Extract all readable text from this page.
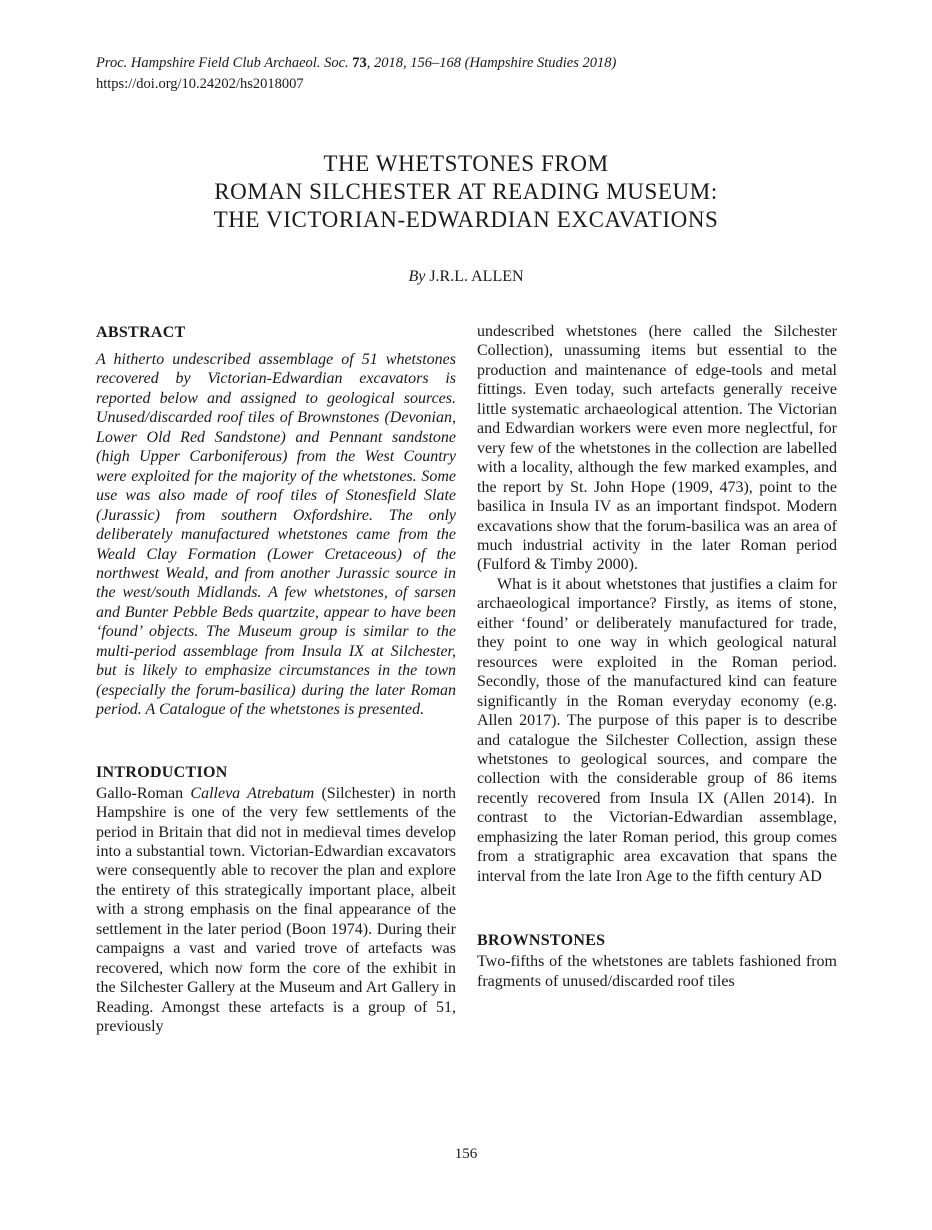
Proc. Hampshire Field Club Archaeol. Soc. 73, 2018, 156–168 (Hampshire Studies 2018)
https://doi.org/10.24202/hs2018007
THE WHETSTONES FROM
ROMAN SILCHESTER AT READING MUSEUM:
THE VICTORIAN-EDWARDIAN EXCAVATIONS
By J.R.L. ALLEN
ABSTRACT

A hitherto undescribed assemblage of 51 whetstones recovered by Victorian-Edwardian excavators is reported below and assigned to geological sources. Unused/discarded roof tiles of Brownstones (Devonian, Lower Old Red Sandstone) and Pennant sandstone (high Upper Carboniferous) from the West Country were exploited for the majority of the whetstones. Some use was also made of roof tiles of Stonesfield Slate (Jurassic) from southern Oxfordshire. The only deliberately manufactured whetstones came from the Weald Clay Formation (Lower Cretaceous) of the northwest Weald, and from another Jurassic source in the west/south Midlands. A few whetstones, of sarsen and Bunter Pebble Beds quartzite, appear to have been ‘found’ objects. The Museum group is similar to the multi-period assemblage from Insula IX at Silchester, but is likely to emphasize circumstances in the town (especially the forum-basilica) during the later Roman period. A Catalogue of the whetstones is presented.

INTRODUCTION

Gallo-Roman Calleva Atrebatum (Silchester) in north Hampshire is one of the very few settlements of the period in Britain that did not in medieval times develop into a substantial town. Victorian-Edwardian excavators were consequently able to recover the plan and explore the entirety of this strategically important place, albeit with a strong emphasis on the final appearance of the settlement in the later period (Boon 1974). During their campaigns a vast and varied trove of artefacts was recovered, which now form the core of the exhibit in the Silchester Gallery at the Museum and Art Gallery in Reading. Amongst these artefacts is a group of 51, previously

undescribed whetstones (here called the Silchester Collection), unassuming items but essential to the production and maintenance of edge-tools and metal fittings. Even today, such artefacts generally receive little systematic archaeological attention. The Victorian and Edwardian workers were even more neglectful, for very few of the whetstones in the collection are labelled with a locality, although the few marked examples, and the report by St. John Hope (1909, 473), point to the basilica in Insula IV as an important findspot. Modern excavations show that the forum-basilica was an area of much industrial activity in the later Roman period (Fulford & Timby 2000).

What is it about whetstones that justifies a claim for archaeological importance? Firstly, as items of stone, either ‘found’ or deliberately manufactured for trade, they point to one way in which geological natural resources were exploited in the Roman period. Secondly, those of the manufactured kind can feature significantly in the Roman everyday economy (e.g. Allen 2017). The purpose of this paper is to describe and catalogue the Silchester Collection, assign these whetstones to geological sources, and compare the collection with the considerable group of 86 items recently recovered from Insula IX (Allen 2014). In contrast to the Victorian-Edwardian assemblage, emphasizing the later Roman period, this group comes from a stratigraphic area excavation that spans the interval from the late Iron Age to the fifth century AD

BROWNSTONES

Two-fifths of the whetstones are tablets fashioned from fragments of unused/discarded roof tiles

156
